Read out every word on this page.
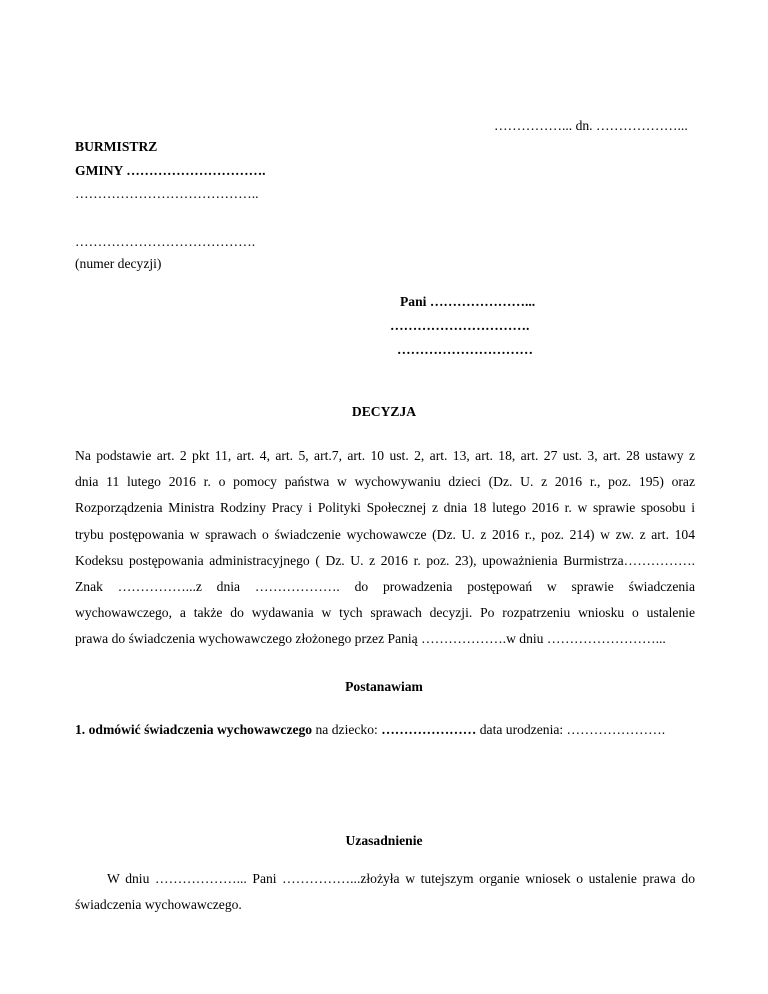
……………... dn. ………………...
BURMISTRZ
GMINY ………………………….
…………………………………..
………………………………….
(numer decyzji)
Pani …………………...
………………………….
…………………………
DECYZJA
Na podstawie art. 2 pkt 11, art. 4, art. 5, art.7, art. 10 ust. 2, art. 13, art. 18, art. 27 ust. 3, art. 28 ustawy z
dnia 11 lutego 2016 r. o pomocy państwa w wychowywaniu dzieci (Dz. U. z 2016 r., poz. 195) oraz
Rozporządzenia Ministra Rodziny Pracy i Polityki Społecznej z dnia 18 lutego 2016 r. w sprawie sposobu i
trybu postępowania w sprawach o świadczenie wychowawcze (Dz. U. z 2016 r., poz. 214) w zw. z art. 104
Kodeksu postępowania administracyjnego ( Dz. U. z 2016 r. poz. 23), upoważnienia Burmistrza…………….
Znak ……………...z dnia ………………. do prowadzenia postępowań w sprawie świadczenia
wychowawczego, a także do wydawania w tych sprawach decyzji. Po rozpatrzeniu wniosku o ustalenie
prawa do świadczenia wychowawczego złożonego przez Panią ……………….w dniu ……………………...
Postanawiam
1. odmówić świadczenia wychowawczego na dziecko: ………………… data urodzenia: ………………….
Uzasadnienie
W dniu ………………... Pani ……………...złożyła w tutejszym organie wniosek o ustalenie prawa do
świadczenia wychowawczego.
